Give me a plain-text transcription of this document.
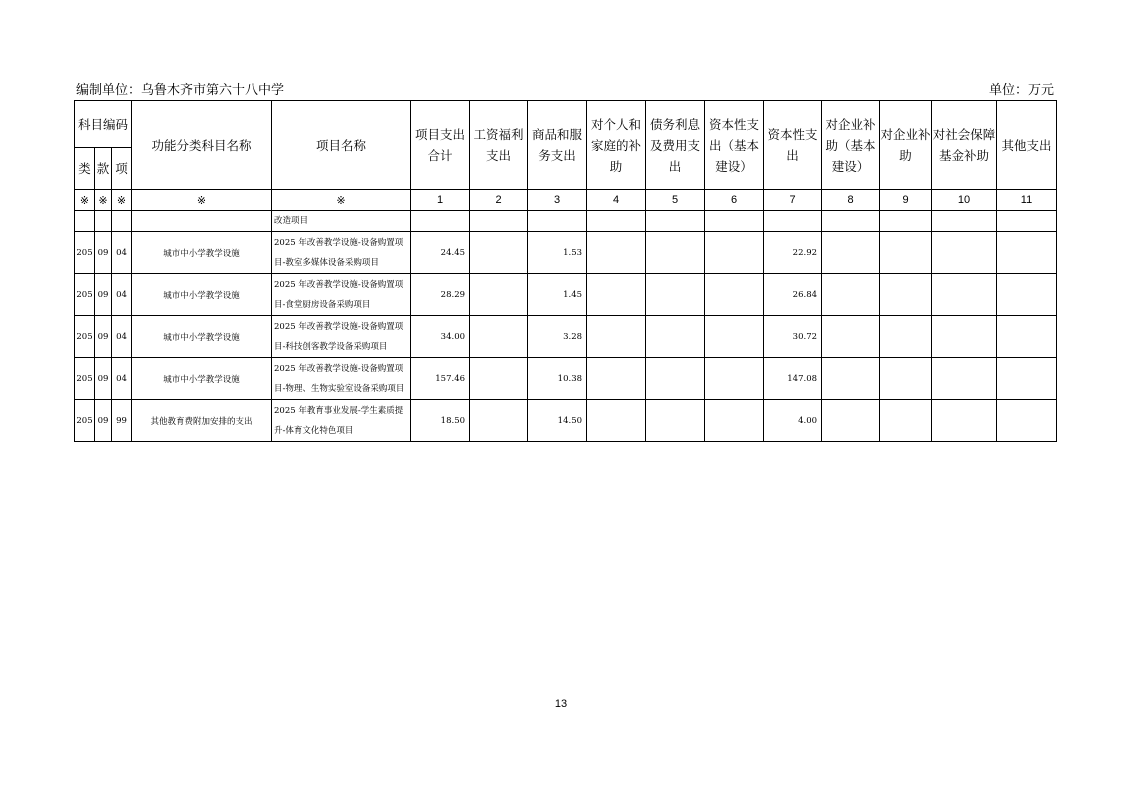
编制单位：乌鲁木齐市第六十八中学	单位：万元
科目编码			功能分类科目名称	项目名称	项目支出合计	工资福利支出	商品和服务支出	对个人和家庭的补助	债务利息及费用支出	资本性支出（基本建设）	资本性支出	对企业补助（基本建设）	对企业补助	对社会保障基金补助	其他支出
类	款	项													
※	※	※	※	※	1	2	3	4	5	6	7	8	9	10	11
				改造项目											
205	09	04	城市中小学教学设施	2025 年改善教学设施-设备购置项
目-教室多媒体设备采购项目	24.45		1.53				22.92				
205	09	04	城市中小学教学设施	2025 年改善教学设施-设备购置项
目-食堂厨房设备采购项目	28.29		1.45				26.84				
205	09	04	城市中小学教学设施	2025 年改善教学设施-设备购置项
目-科技创客教学设备采购项目	34.00		3.28				30.72				
205	09	04	城市中小学教学设施	2025 年改善教学设施-设备购置项
目-物理、生物实验室设备采购项目	157.46		10.38				147.08				
205	09	99	其他教育费附加安排的支出	2025 年教育事业发展-学生素质提
升-体育文化特色项目	18.50		14.50				4.00				
13
